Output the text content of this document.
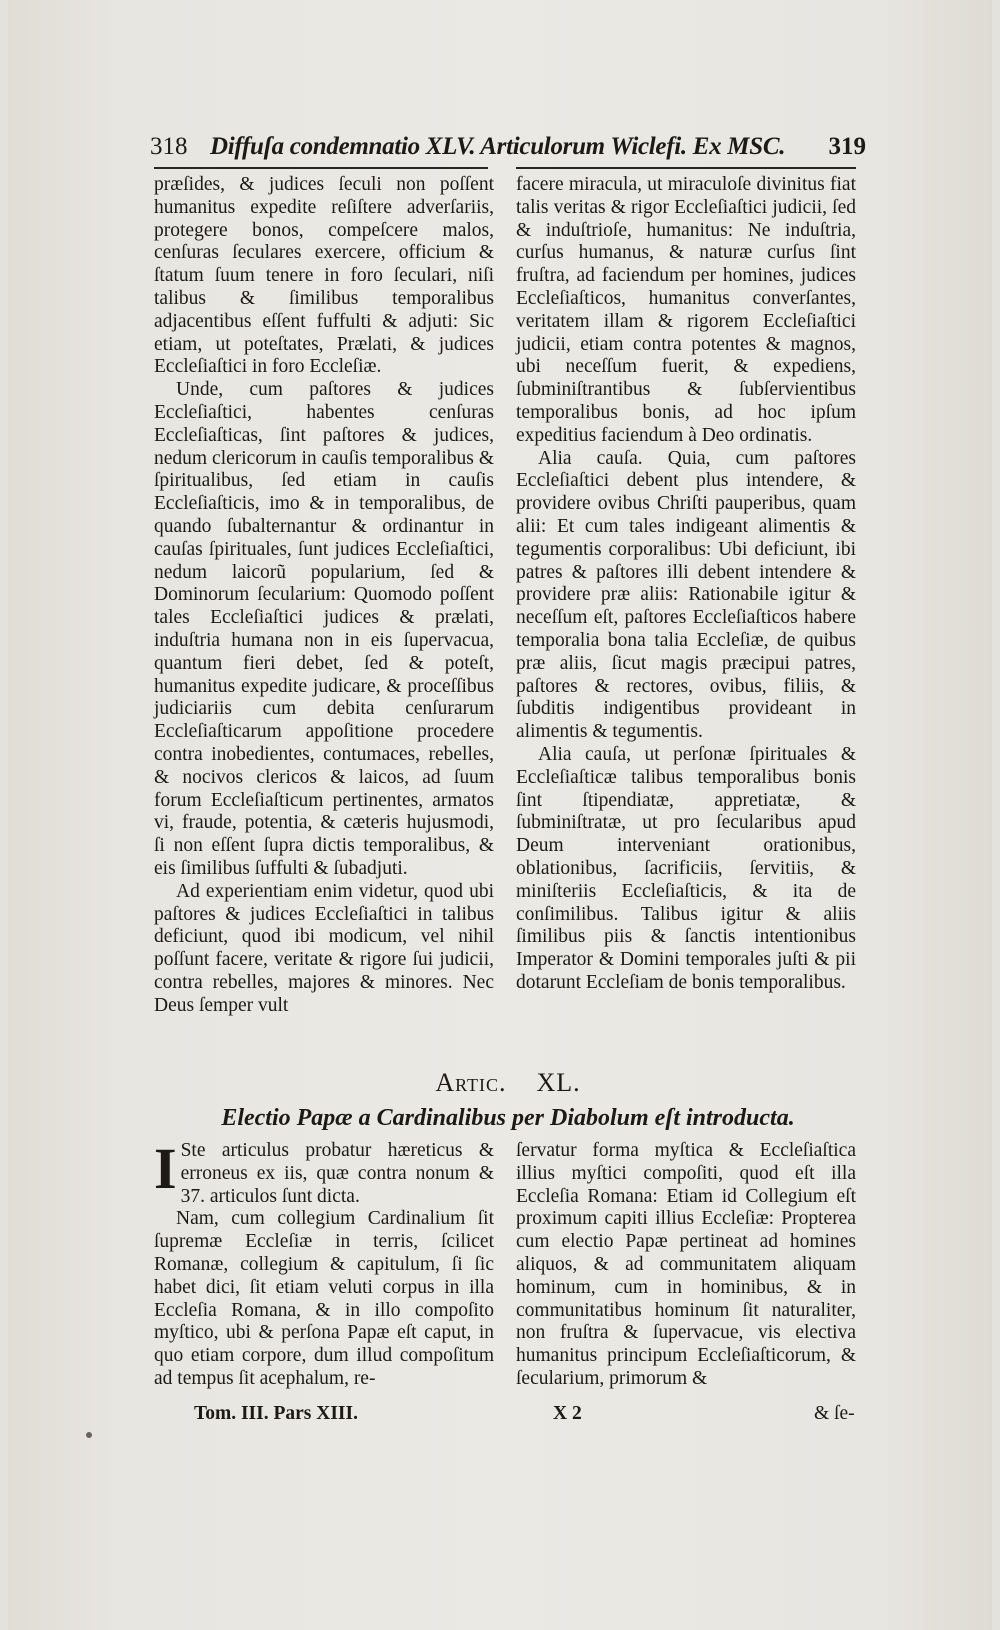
318 Diffuſa condemnatio XLV. Articulorum Wiclefi. Ex MSC. 319

præſides, & judices ſeculi non poſſent humanitus expedite reſiſtere adverſariis, protegere bonos, compeſcere malos, cenſuras ſeculares exercere, officium & ſtatum ſuum tenere in foro ſeculari, niſi talibus & ſimilibus temporalibus adjacentibus eſſent fuffulti & adjuti: Sic etiam, ut poteſtates, Prælati, & judices Eccleſiaſtici in foro Eccleſiæ.

Unde, cum paſtores & judices Eccleſiaſtici, habentes cenſuras Eccleſiaſticas, ſint paſtores & judices, nedum clericorum in cauſis temporalibus & ſpiritualibus, ſed etiam in cauſis Eccleſiaſticis, imo & in temporalibus, de quando ſubalternantur & ordinantur in cauſas ſpirituales, ſunt judices Eccleſiaſtici, nedum laicorũ popularium, ſed & Dominorum ſecularium: Quomodo poſſent tales Eccleſiaſtici judices & prælati, induſtria humana non in eis ſupervacua, quantum fieri debet, ſed & poteſt, humanitus expedite judicare, & proceſſibus judiciariis cum debita cenſurarum Eccleſiaſticarum appoſitione procedere contra inobedientes, contumaces, rebelles, & nocivos clericos & laicos, ad ſuum forum Eccleſiaſticum pertinentes, armatos vi, fraude, potentia, & cæteris hujusmodi, ſi non eſſent ſupra dictis temporalibus, & eis ſimilibus ſuffulti & ſubadjuti.

Ad experientiam enim videtur, quod ubi paſtores & judices Eccleſiaſtici in talibus deficiunt, quod ibi modicum, vel nihil poſſunt facere, veritate & rigore ſui judicii, contra rebelles, majores & minores. Nec Deus ſemper vult

facere miracula, ut miraculoſe divinitus fiat talis veritas & rigor Eccleſiaſtici judicii, ſed & induſtrioſe, humanitus: Ne induſtria, curſus humanus, & naturæ curſus ſint fruſtra, ad faciendum per homines, judices Eccleſiaſticos, humanitus converſantes, veritatem illam & rigorem Eccleſiaſtici judicii, etiam contra potentes & magnos, ubi neceſſum fuerit, & expediens, ſubminiſtrantibus & ſubſervientibus temporalibus bonis, ad hoc ipſum expeditius faciendum à Deo ordinatis.

Alia cauſa. Quia, cum paſtores Eccleſiaſtici debent plus intendere, & providere ovibus Chriſti pauperibus, quam alii: Et cum tales indigeant alimentis & tegumentis corporalibus: Ubi deficiunt, ibi patres & paſtores illi debent intendere & providere præ aliis: Rationabile igitur & neceſſum eſt, paſtores Eccleſiaſticos habere temporalia bona talia Eccleſiæ, de quibus præ aliis, ſicut magis præcipui patres, paſtores & rectores, ovibus, filiis, & ſubditis indigentibus provideant in alimentis & tegumentis.

Alia cauſa, ut perſonæ ſpirituales & Eccleſiaſticæ talibus temporalibus bonis ſint ſtipendiatæ, appretiatæ, & ſubminiſtratæ, ut pro ſecularibus apud Deum interveniant orationibus, oblationibus, ſacrificiis, ſervitiis, & miniſteriis Eccleſiaſticis, & ita de conſimilibus. Talibus igitur & aliis ſimilibus piis & ſanctis intentionibus Imperator & Domini temporales juſti & pii dotarunt Eccleſiam de bonis temporalibus.

Artic. XL.
Electio Papæ a Cardinalibus per Diabolum eſt introducta.

I Ste articulus probatur hæreticus & erroneus ex iis, quæ contra nonum & 37. articulos ſunt dicta.

Nam, cum collegium Cardinalium ſit ſupremæ Eccleſiæ in terris, ſcilicet Romanæ, collegium & capitulum, ſi ſic habet dici, ſit etiam veluti corpus in illa Eccleſia Romana, & in illo compoſito myſtico, ubi & perſona Papæ eſt caput, in quo etiam corpore, dum illud compoſitum ad tempus ſit acephalum, re-

ſervatur forma myſtica & Eccleſiaſtica illius myſtici compoſiti, quod eſt illa Eccleſia Romana: Etiam id Collegium eſt proximum capiti illius Eccleſiæ: Propterea cum electio Papæ pertineat ad homines aliquos, & ad communitatem aliquam hominum, cum in hominibus, & in communitatibus hominum ſit naturaliter, non fruſtra & ſupervacue, vis electiva humanitus principum Eccleſiaſticorum, & ſecularium, primorum &

Tom. III. Pars XIII.	X 2	& ſe-
